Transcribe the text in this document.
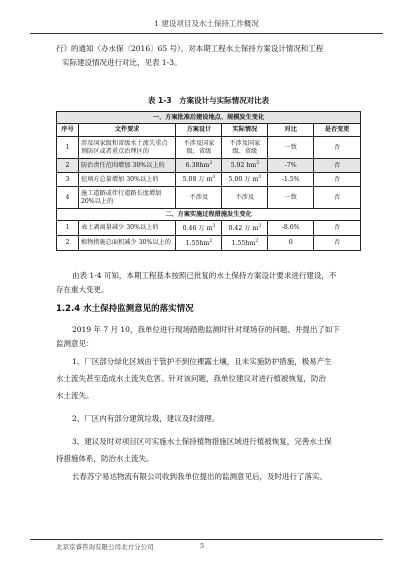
1 建设项目及水土保持工作概况
行》的通知（办水保〔2016〕65 号），对本期工程水土保持方案设计情况和工程
实际建设情况进行对比，见表 1-3。
表 1-3　方案设计与实际情况对比表
一、方案批准后建设地点、规模发生变化					
序号	文件要求	方案设计	实际情况	对比	是否变更
1	涉及国家级和省级水土流失重点预防区或者重点治理区的	不涉及国家级、省级	不涉及国家级、省级	一致	否
2	防治责任范围增加 30%以上的	$6.38hm^2$	5.92 $hm^2$	-7%	否
3	挖填方总量增加 30%以上的	5.08 万 $m^3$	5.00 万 $m^3$	-1.5%	否
4	施工道路或伴行道路长度增加 20%以上的	不涉及	不涉及	一致	否
二、方案实施过程措施发生变化					
1	表土剥离量减少 30%以上的	0.46 万 $m^3$	0.42 万 $m^3$	-8.6%	否
2	植物措施总面积减少 30%以上的	$1.55hm^2$	$1.55hm^2$	0	否
由表 1-4 可知，本期工程基本按照已批复的水土保持方案设计要求进行建设，不
存在重大变更。
1.2.4 水土保持监测意见的落实情况
2019 年 7 月 10，我单位进行现场踏勘监测时针对现场存的问题、并提出了如下
监测意见：
1、厂区部分绿化区域由于管护不到位裸露土壤，且未实施防护措施，极易产生
水土流失甚至造成水土流失危害。针对该问题，我单位建议对进行植被恢复，防治
水土流失。
2、厂区内有部分建筑垃圾，建议及时清理。
3、建议及时对项目区可实施水土保持植物措施区域进行植被恢复，完善水土保
持措施体系，防治水土流失。
长春苏宁易达物流有限公司收到我单位提出的监测意见后，及时进行了落实。
北京京睿咨询有限公司北方分公司	5
